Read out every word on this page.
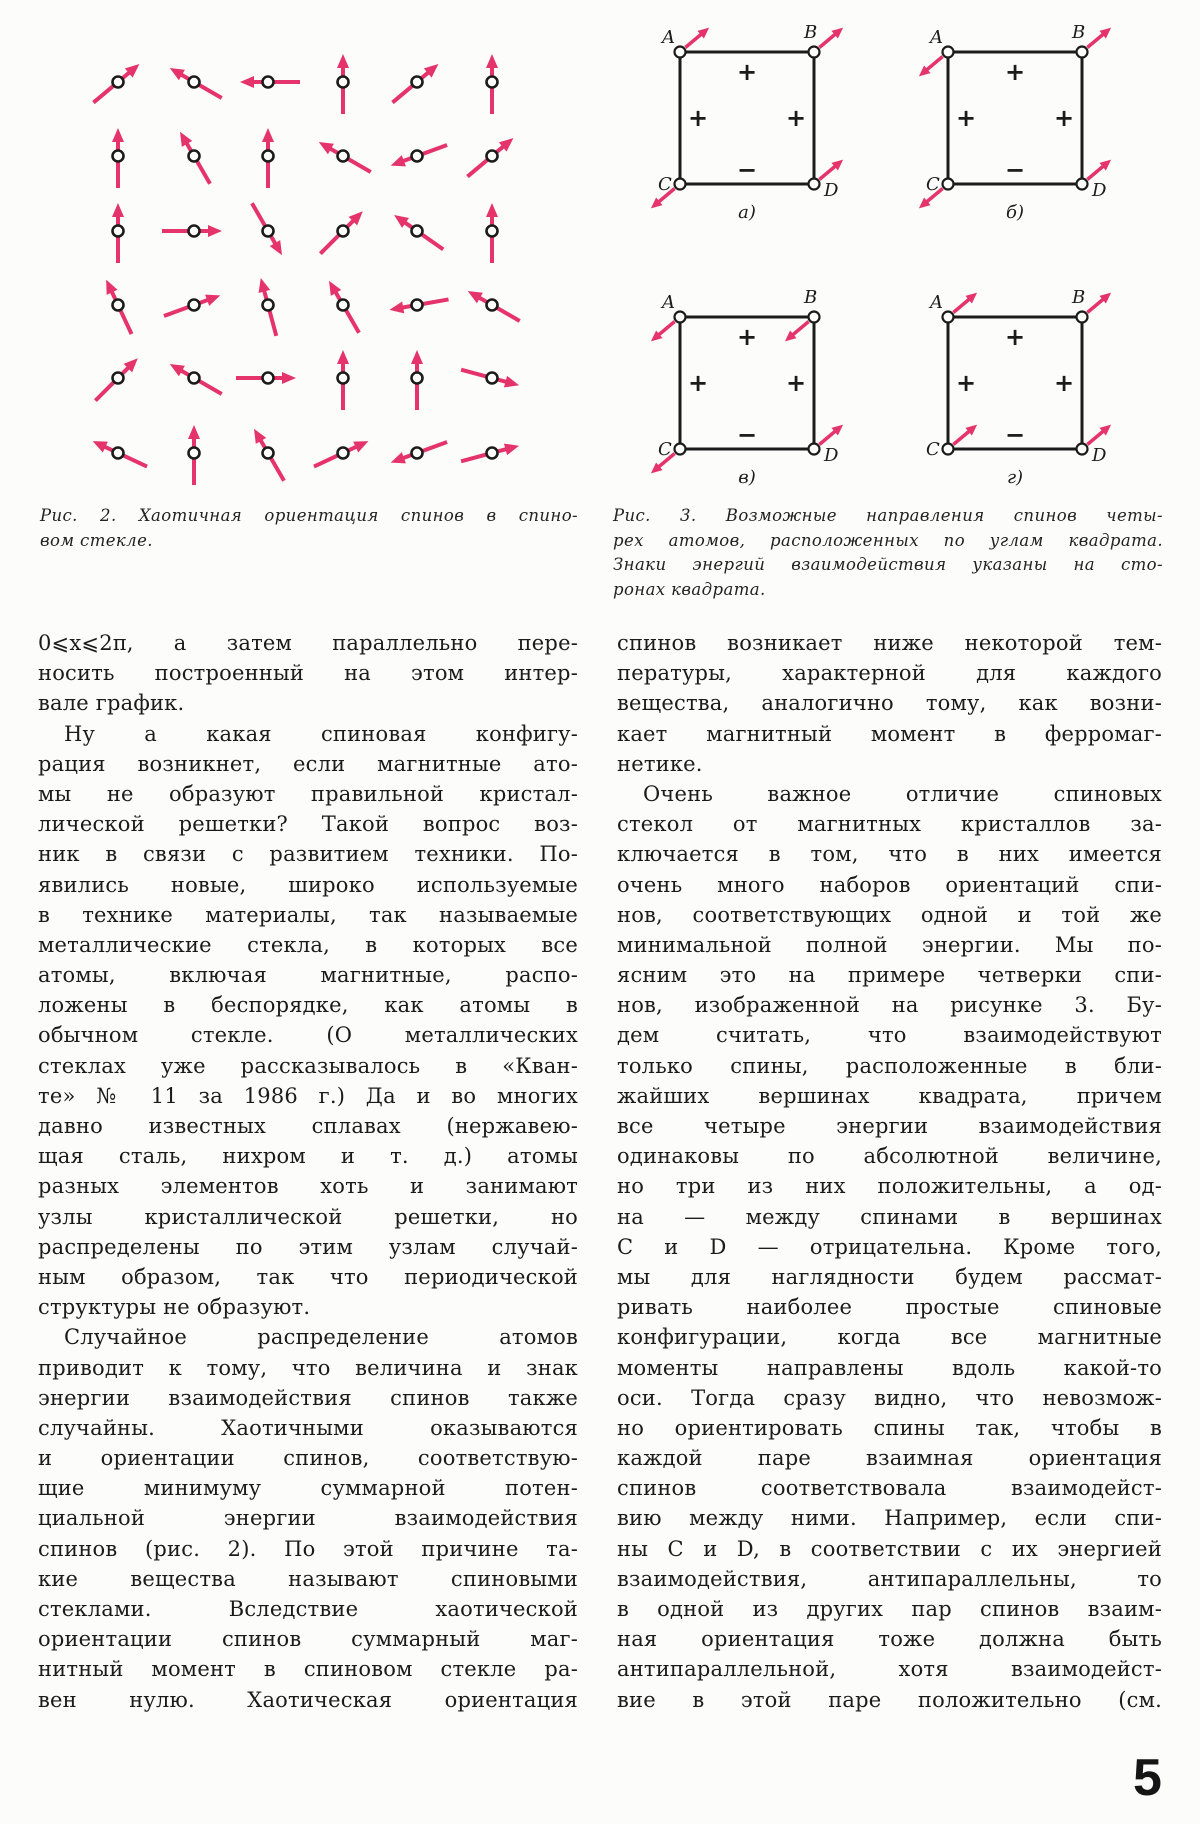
A	B
C	D
+
+	+
−
а)
A	B
C	D
+
+	+
−
б)
A	B
C	D
+
+	+
−
в)
A	B
C	D
+
+	+
−
г)
Рис. 2. Хаотичная ориентация спинов в спино-
вом стекле.
Рис. 3. Возможные направления спинов четы-
рех атомов, расположенных по углам квадрата.
Знаки энергий взаимодействия указаны на сто-
ронах квадрата.
0⩽x⩽2π, а затем параллельно пере-
носить построенный на этом интер-
вале график.
Ну а какая спиновая конфигу-
рация возникнет, если магнитные ато-
мы не образуют правильной кристал-
лической решетки? Такой вопрос воз-
ник в связи с развитием техники. По-
явились новые, широко используемые
в технике материалы, так называемые
металлические стекла, в которых все
атомы, включая магнитные, распо-
ложены в беспорядке, как атомы в
обычном стекле. (О металлических
стеклах уже рассказывалось в «Кван-
те» № 11 за 1986 г.) Да и во многих
давно известных сплавах (нержавею-
щая сталь, нихром и т. д.) атомы
разных элементов хоть и занимают
узлы кристаллической решетки, но
распределены по этим узлам случай-
ным образом, так что периодической
структуры не образуют.
Случайное распределение атомов
приводит к тому, что величина и знак
энергии взаимодействия спинов также
случайны. Хаотичными оказываются
и ориентации спинов, соответствую-
щие минимуму суммарной потен-
циальной энергии взаимодействия
спинов (рис. 2). По этой причине та-
кие вещества называют спиновыми
стеклами. Вследствие хаотической
ориентации спинов суммарный маг-
нитный момент в спиновом стекле ра-
вен нулю. Хаотическая ориентация
спинов возникает ниже некоторой тем-
пературы, характерной для каждого
вещества, аналогично тому, как возни-
кает магнитный момент в ферромаг-
нетике.
Очень важное отличие спиновых
стекол от магнитных кристаллов за-
ключается в том, что в них имеется
очень много наборов ориентаций спи-
нов, соответствующих одной и той же
минимальной полной энергии. Мы по-
ясним это на примере четверки спи-
нов, изображенной на рисунке 3. Бу-
дем считать, что взаимодействуют
только спины, расположенные в бли-
жайших вершинах квадрата, причем
все четыре энергии взаимодействия
одинаковы по абсолютной величине,
но три из них положительны, а од-
на — между спинами в вершинах
C и D — отрицательна. Кроме того,
мы для наглядности будем рассмат-
ривать наиболее простые спиновые
конфигурации, когда все магнитные
моменты направлены вдоль какой-то
оси. Тогда сразу видно, что невозмож-
но ориентировать спины так, чтобы в
каждой паре взаимная ориентация
спинов соответствовала взаимодейст-
вию между ними. Например, если спи-
ны C и D, в соответствии с их энергией
взаимодействия, антипараллельны, то
в одной из других пар спинов взаим-
ная ориентация тоже должна быть
антипараллельной, хотя взаимодейст-
вие в этой паре положительно (см.
5
